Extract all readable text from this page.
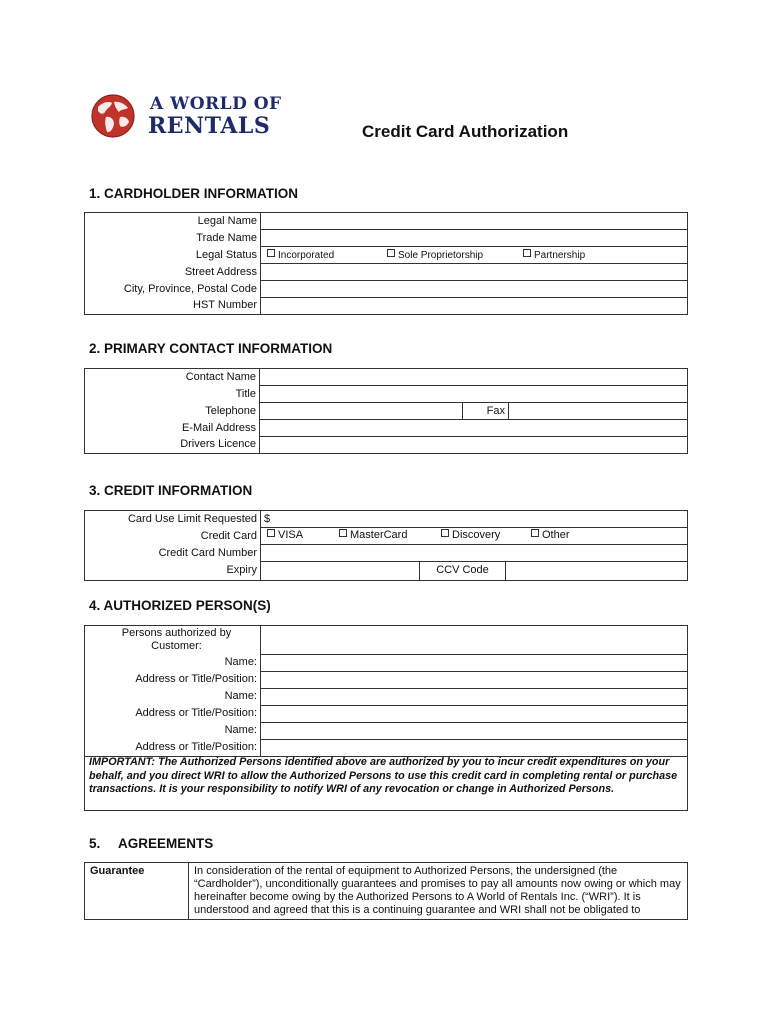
A WORLD OF
RENTALS	Credit Card Authorization
1. CARDHOLDER INFORMATION
Legal Name	
Trade Name	
Legal Status	Incorporated Sole Proprietorship Partnership

Street Address	
City, Province, Postal Code	
HST Number	
2. PRIMARY CONTACT INFORMATION
Contact Name			
Title			
Telephone		Fax	
E-Mail Address			
Drivers Licence			
3. CREDIT INFORMATION
Card Use Limit Requested	$		
Credit Card	VISA MasterCard Discovery Other		

Credit Card Number			
Expiry		CCV Code	
4. AUTHORIZED PERSON(S)
Persons authorized by Customer:	
Name:	
Address or Title/Position:	
Name:	
Address or Title/Position:	
Name:	
Address or Title/Position:	
IMPORTANT: The Authorized Persons identified above are authorized by you to incur credit expenditures on your behalf, and you direct WRI to allow the Authorized Persons to use this credit card in completing rental or purchase transactions. It is your responsibility to notify WRI of any revocation or change in Authorized Persons.
5. AGREEMENTS
Guarantee	In consideration of the rental of equipment to Authorized Persons, the undersigned (the “Cardholder”), unconditionally guarantees and promises to pay all amounts now owing or which may hereinafter become owing by the Authorized Persons to A World of Rentals Inc. (“WRI”). It is understood and agreed that this is a continuing guarantee and WRI shall not be obligated to
